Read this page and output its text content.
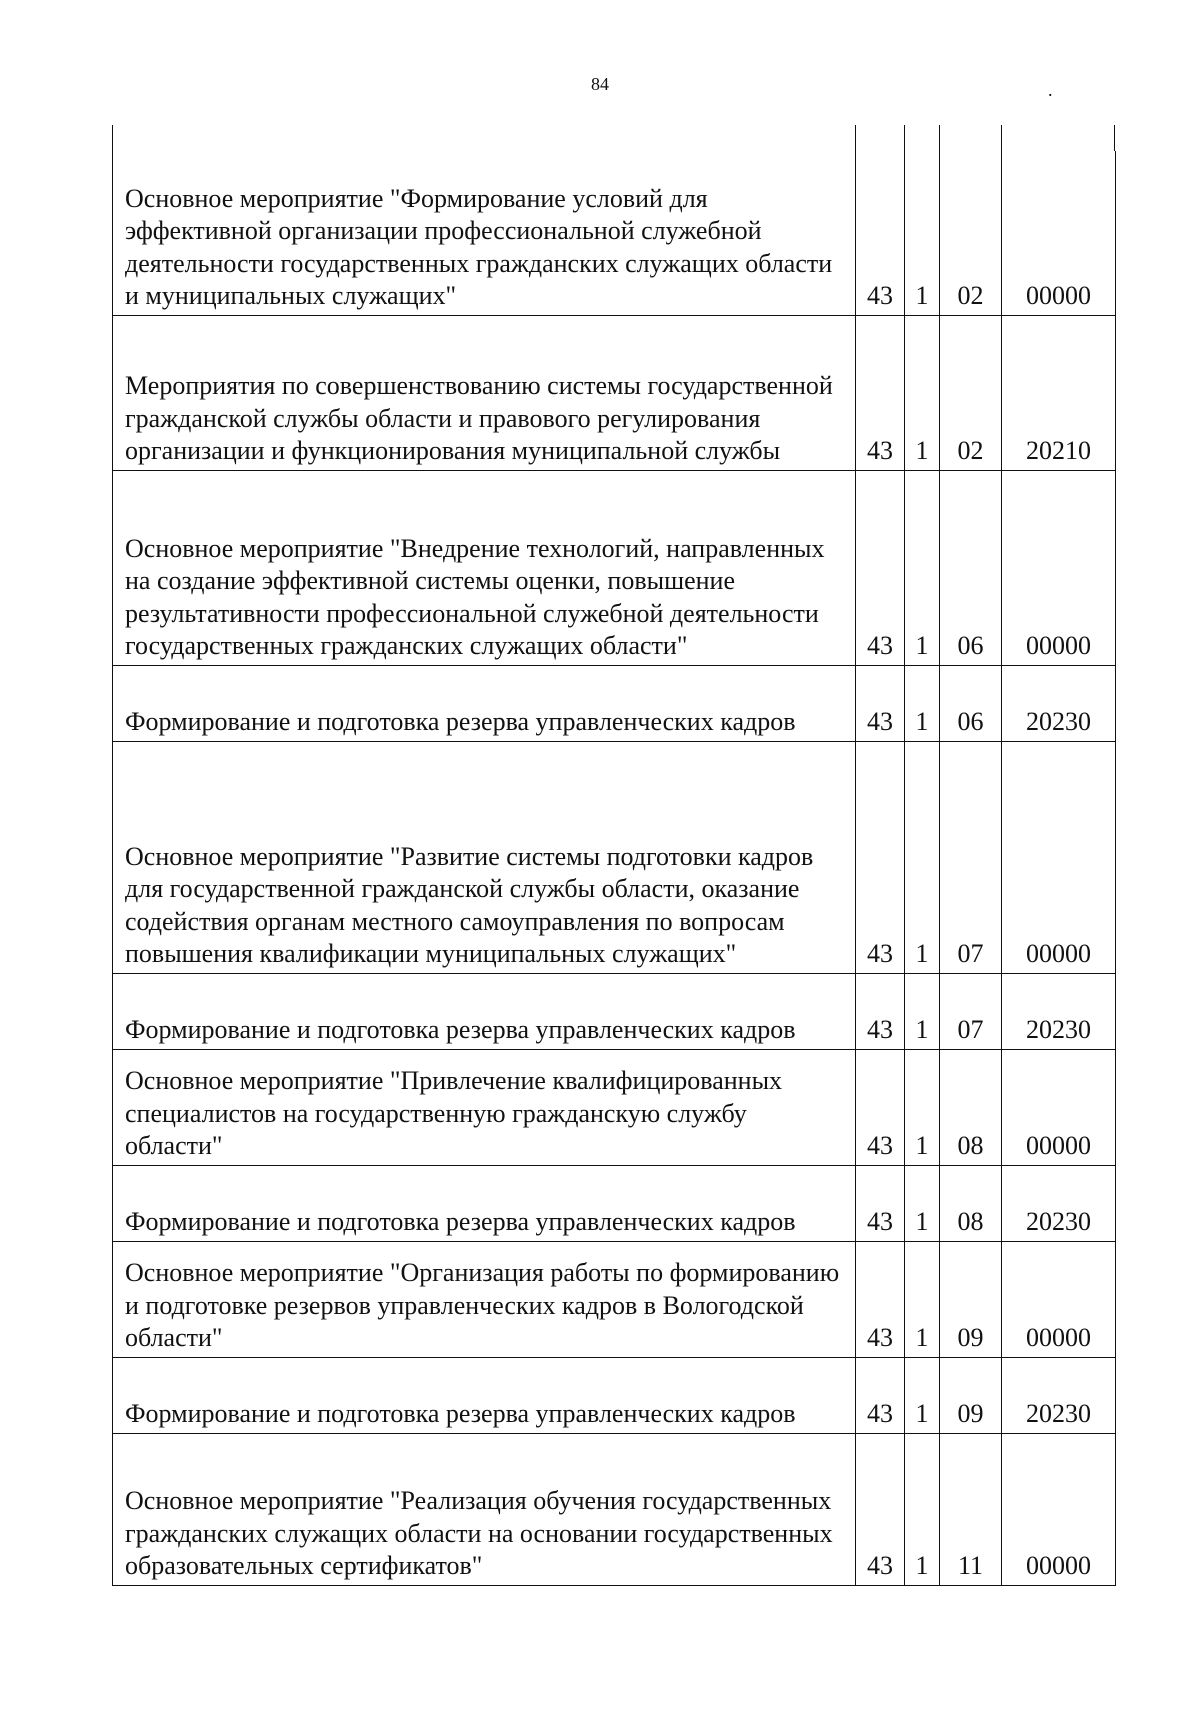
84	.
Основное мероприятие "Формирование условий для эффективной организации профессиональной служебной деятельности государственных гражданских служащих области и муниципальных служащих"	43	1	02	00000
Мероприятия по совершенствованию системы государственной гражданской службы области и правового регулирования организации и функционирования муниципальной службы	43	1	02	20210
Основное мероприятие "Внедрение технологий, направленных на создание эффективной системы оценки, повышение результативности профессиональной служебной деятельности государственных гражданских служащих области"	43	1	06	00000
Формирование и подготовка резерва управленческих кадров	43	1	06	20230
Основное мероприятие "Развитие системы подготовки кадров для государственной гражданской службы области, оказание содействия органам местного самоуправления по вопросам повышения квалификации муниципальных служащих"	43	1	07	00000
Формирование и подготовка резерва управленческих кадров	43	1	07	20230
Основное мероприятие "Привлечение квалифицированных специалистов на государственную гражданскую службу области"	43	1	08	00000
Формирование и подготовка резерва управленческих кадров	43	1	08	20230
Основное мероприятие "Организация работы по формированию и подготовке резервов управленческих кадров в Вологодской области"	43	1	09	00000
Формирование и подготовка резерва управленческих кадров	43	1	09	20230
Основное мероприятие "Реализация обучения государственных гражданских служащих области на основании государственных образовательных сертификатов"	43	1	11	00000
